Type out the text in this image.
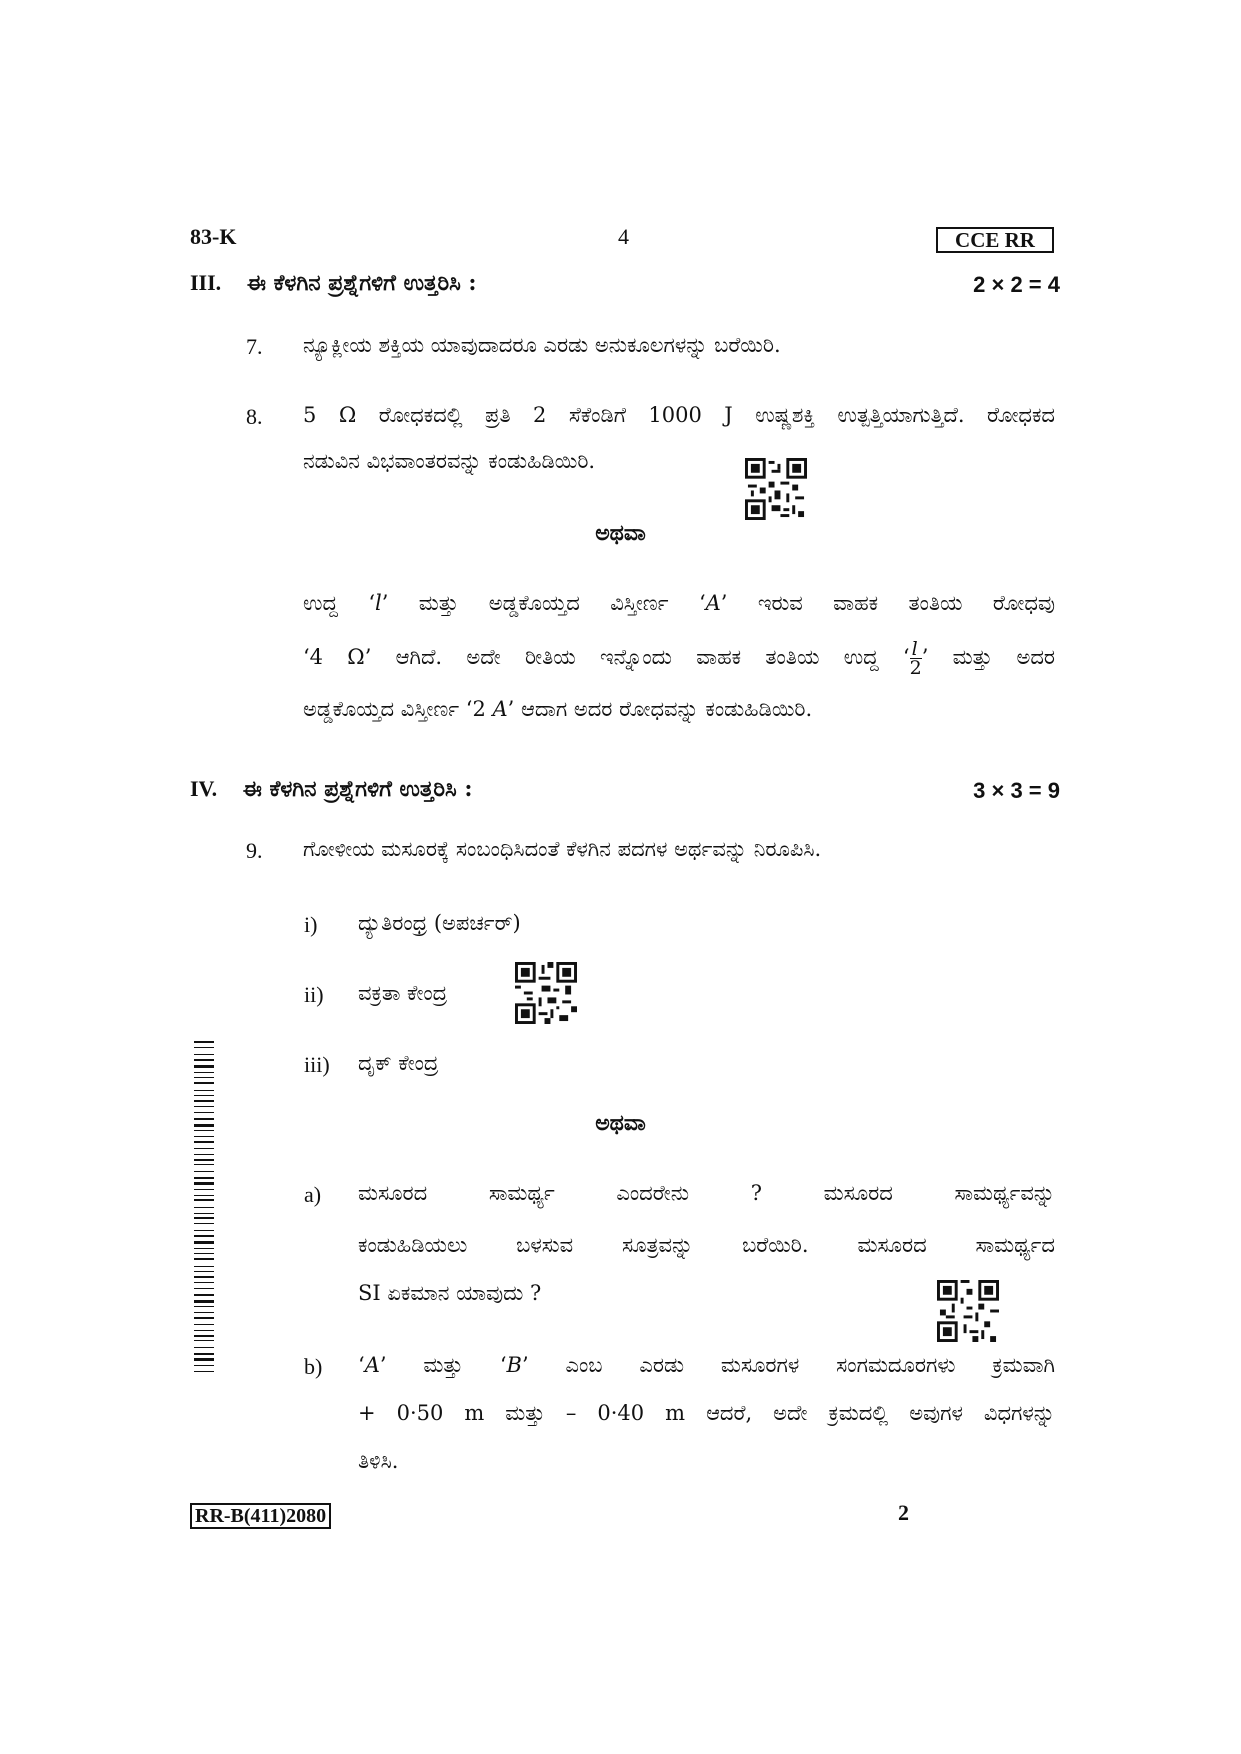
83-K	4	CCE RR
III. ಈ ಕೆಳಗಿನ ಪ್ರಶ್ನೆಗಳಿಗೆ ಉತ್ತರಿಸಿ :	2 × 2 = 4
7. ನ್ಯೂಕ್ಲೀಯ ಶಕ್ತಿಯ ಯಾವುದಾದರೂ ಎರಡು ಅನುಕೂಲಗಳನ್ನು ಬರೆಯಿರಿ.
8. 5 Ω ರೋಧಕದಲ್ಲಿ ಪ್ರತಿ 2 ಸೆಕೆಂಡಿಗೆ 1000 J ಉಷ್ಣಶಕ್ತಿ ಉತ್ಪತ್ತಿಯಾಗುತ್ತಿದೆ. ರೋಧಕದ
ನಡುವಿನ ವಿಭವಾಂತರವನ್ನು ಕಂಡುಹಿಡಿಯಿರಿ.
ಅಥವಾ
ಉದ್ದ ‘l’ ಮತ್ತು ಅಡ್ಡಕೊಯ್ತದ ವಿಸ್ತೀರ್ಣ ‘A’ ಇರುವ ವಾಹಕ ತಂತಿಯ ರೋಧವು
‘4 Ω’ ಆಗಿದೆ. ಅದೇ ರೀತಿಯ ಇನ್ನೊಂದು ವಾಹಕ ತಂತಿಯ ಉದ್ದ ‘ $\frac{l}{2}$ ’ ಮತ್ತು ಅದರ
ಅಡ್ಡಕೊಯ್ತದ ವಿಸ್ತೀರ್ಣ ‘2 A’ ಆದಾಗ ಅದರ ರೋಧವನ್ನು ಕಂಡುಹಿಡಿಯಿರಿ.
IV. ಈ ಕೆಳಗಿನ ಪ್ರಶ್ನೆಗಳಿಗೆ ಉತ್ತರಿಸಿ :	3 × 3 = 9
9. ಗೋಳೀಯ ಮಸೂರಕ್ಕೆ ಸಂಬಂಧಿಸಿದಂತೆ ಕೆಳಗಿನ ಪದಗಳ ಅರ್ಥವನ್ನು ನಿರೂಪಿಸಿ.
i) ದ್ಯುತಿರಂಧ್ರ (ಅಪರ್ಚರ್)
ii) ವಕ್ರತಾ ಕೇಂದ್ರ
iii) ದೃಕ್ ಕೇಂದ್ರ
ಅಥವಾ
a) ಮಸೂರದ ಸಾಮರ್ಥ್ಯ ಎಂದರೇನು ? ಮಸೂರದ ಸಾಮರ್ಥ್ಯವನ್ನು
ಕಂಡುಹಿಡಿಯಲು ಬಳಸುವ ಸೂತ್ರವನ್ನು ಬರೆಯಿರಿ. ಮಸೂರದ ಸಾಮರ್ಥ್ಯದ
SI ಏಕಮಾನ ಯಾವುದು ?
b) ‘A’ ಮತ್ತು ‘B’ ಎಂಬ ಎರಡು ಮಸೂರಗಳ ಸಂಗಮದೂರಗಳು ಕ್ರಮವಾಗಿ
+ 0·50 m ಮತ್ತು – 0·40 m ಆದರೆ, ಅದೇ ಕ್ರಮದಲ್ಲಿ ಅವುಗಳ ವಿಧಗಳನ್ನು
ತಿಳಿಸಿ.
RR-B(411)2080	2
